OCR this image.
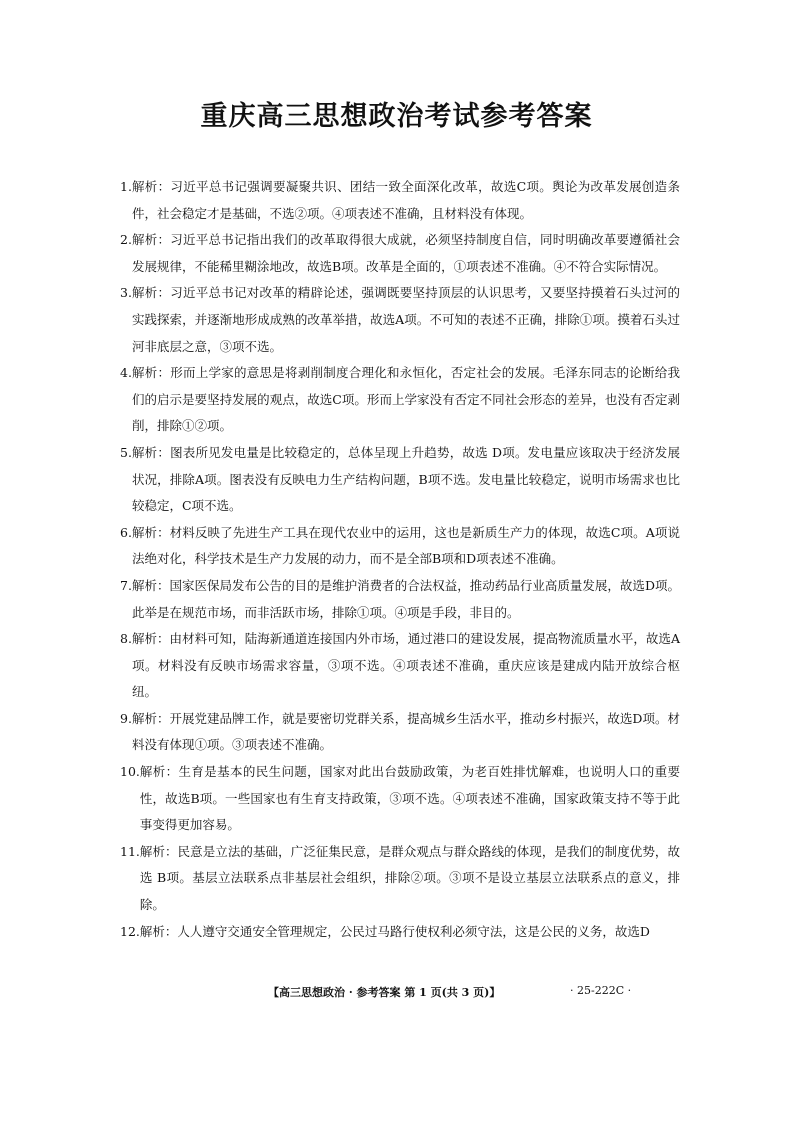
重庆高三思想政治考试参考答案
1. 解析：习近平总书记强调要凝聚共识、团结一致全面深化改革，故选C项。舆论为改革发展创造条件，社会稳定才是基础，不选②项。④项表述不准确，且材料没有体现。
2. 解析：习近平总书记指出我们的改革取得很大成就，必须坚持制度自信，同时明确改革要遵循社会发展规律，不能稀里糊涂地改，故选B项。改革是全面的，①项表述不准确。④不符合实际情况。
3. 解析：习近平总书记对改革的精辟论述，强调既要坚持顶层的认识思考，又要坚持摸着石头过河的实践探索，并逐渐地形成成熟的改革举措，故选A项。不可知的表述不正确，排除①项。摸着石头过河非底层之意，③项不选。
4. 解析：形而上学家的意思是将剥削制度合理化和永恒化，否定社会的发展。毛泽东同志的论断给我们的启示是要坚持发展的观点，故选C项。形而上学家没有否定不同社会形态的差异，也没有否定剥削，排除①②项。
5. 解析：图表所见发电量是比较稳定的，总体呈现上升趋势，故选 D项。发电量应该取决于经济发展状况，排除A项。图表没有反映电力生产结构问题，B项不选。发电量比较稳定，说明市场需求也比较稳定，C项不选。
6. 解析：材料反映了先进生产工具在现代农业中的运用，这也是新质生产力的体现，故选C项。A项说法绝对化，科学技术是生产力发展的动力，而不是全部B项和D项表述不准确。
7. 解析：国家医保局发布公告的目的是维护消费者的合法权益，推动药品行业高质量发展，故选D项。此举是在规范市场，而非活跃市场，排除①项。④项是手段，非目的。
8. 解析：由材料可知，陆海新通道连接国内外市场，通过港口的建设发展，提高物流质量水平，故选A项。材料没有反映市场需求容量，③项不选。④项表述不准确，重庆应该是建成内陆开放综合枢纽。
9. 解析：开展党建品牌工作，就是要密切党群关系，提高城乡生活水平，推动乡村振兴，故选D项。材料没有体现①项。③项表述不准确。
10. 解析：生育是基本的民生问题，国家对此出台鼓励政策，为老百姓排忧解难，也说明人口的重要性，故选B项。一些国家也有生育支持政策，③项不选。④项表述不准确，国家政策支持不等于此事变得更加容易。
11. 解析：民意是立法的基础，广泛征集民意，是群众观点与群众路线的体现，是我们的制度优势，故选 B项。基层立法联系点非基层社会组织，排除②项。③项不是设立基层立法联系点的意义，排除。
12. 解析：人人遵守交通安全管理规定，公民过马路行使权利必须守法，这是公民的义务，故选D
【高三思想政治 · 参考答案 第 1 页(共 3 页)】	· 25-222C ·
